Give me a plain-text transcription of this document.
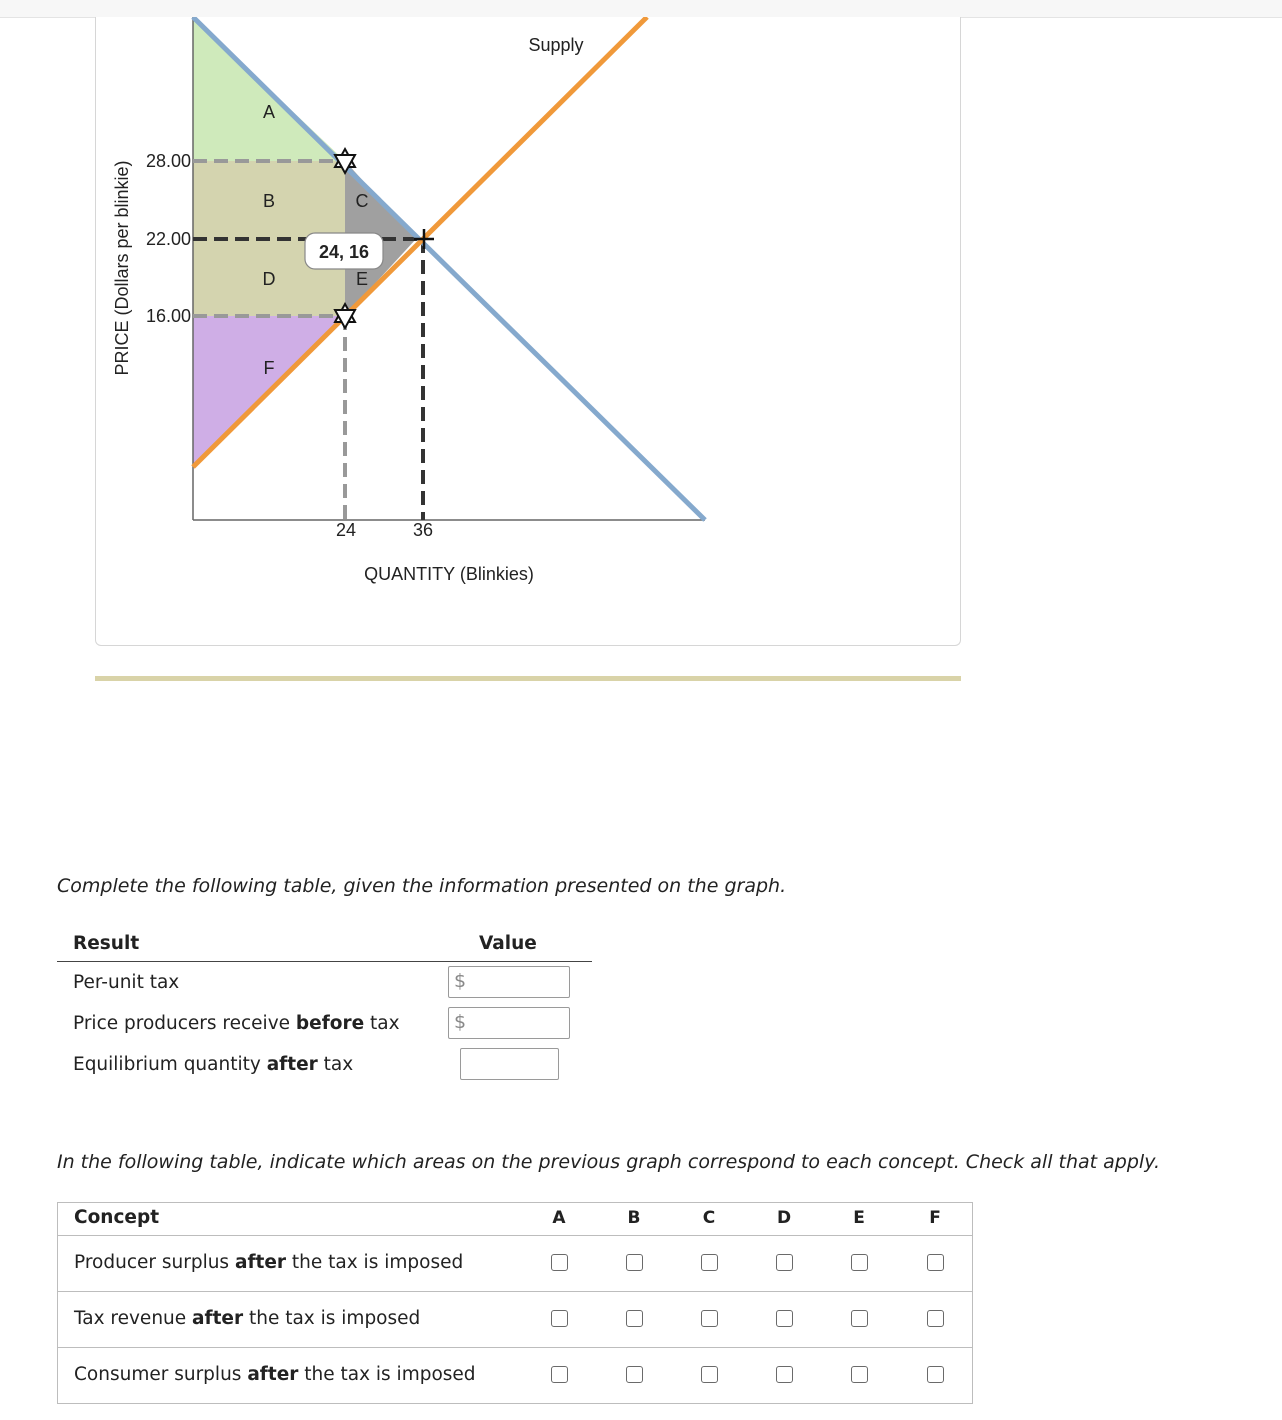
A
B	C
D	E
F
24, 16
28.00
22.00
16.00
24	36
Supply
QUANTITY (Blinkies)
PRICE (Dollars per blinkie)
Complete the following table, given the information presented on the graph.
Result	Value
Per-unit tax	$
Price producers receive before tax	$
Equilibrium quantity after tax
In the following table, indicate which areas on the previous graph correspond to each concept. Check all that apply.
Concept	A	B	C	D	E	F
Producer surplus after the tax is imposed
Tax revenue after the tax is imposed
Consumer surplus after the tax is imposed
